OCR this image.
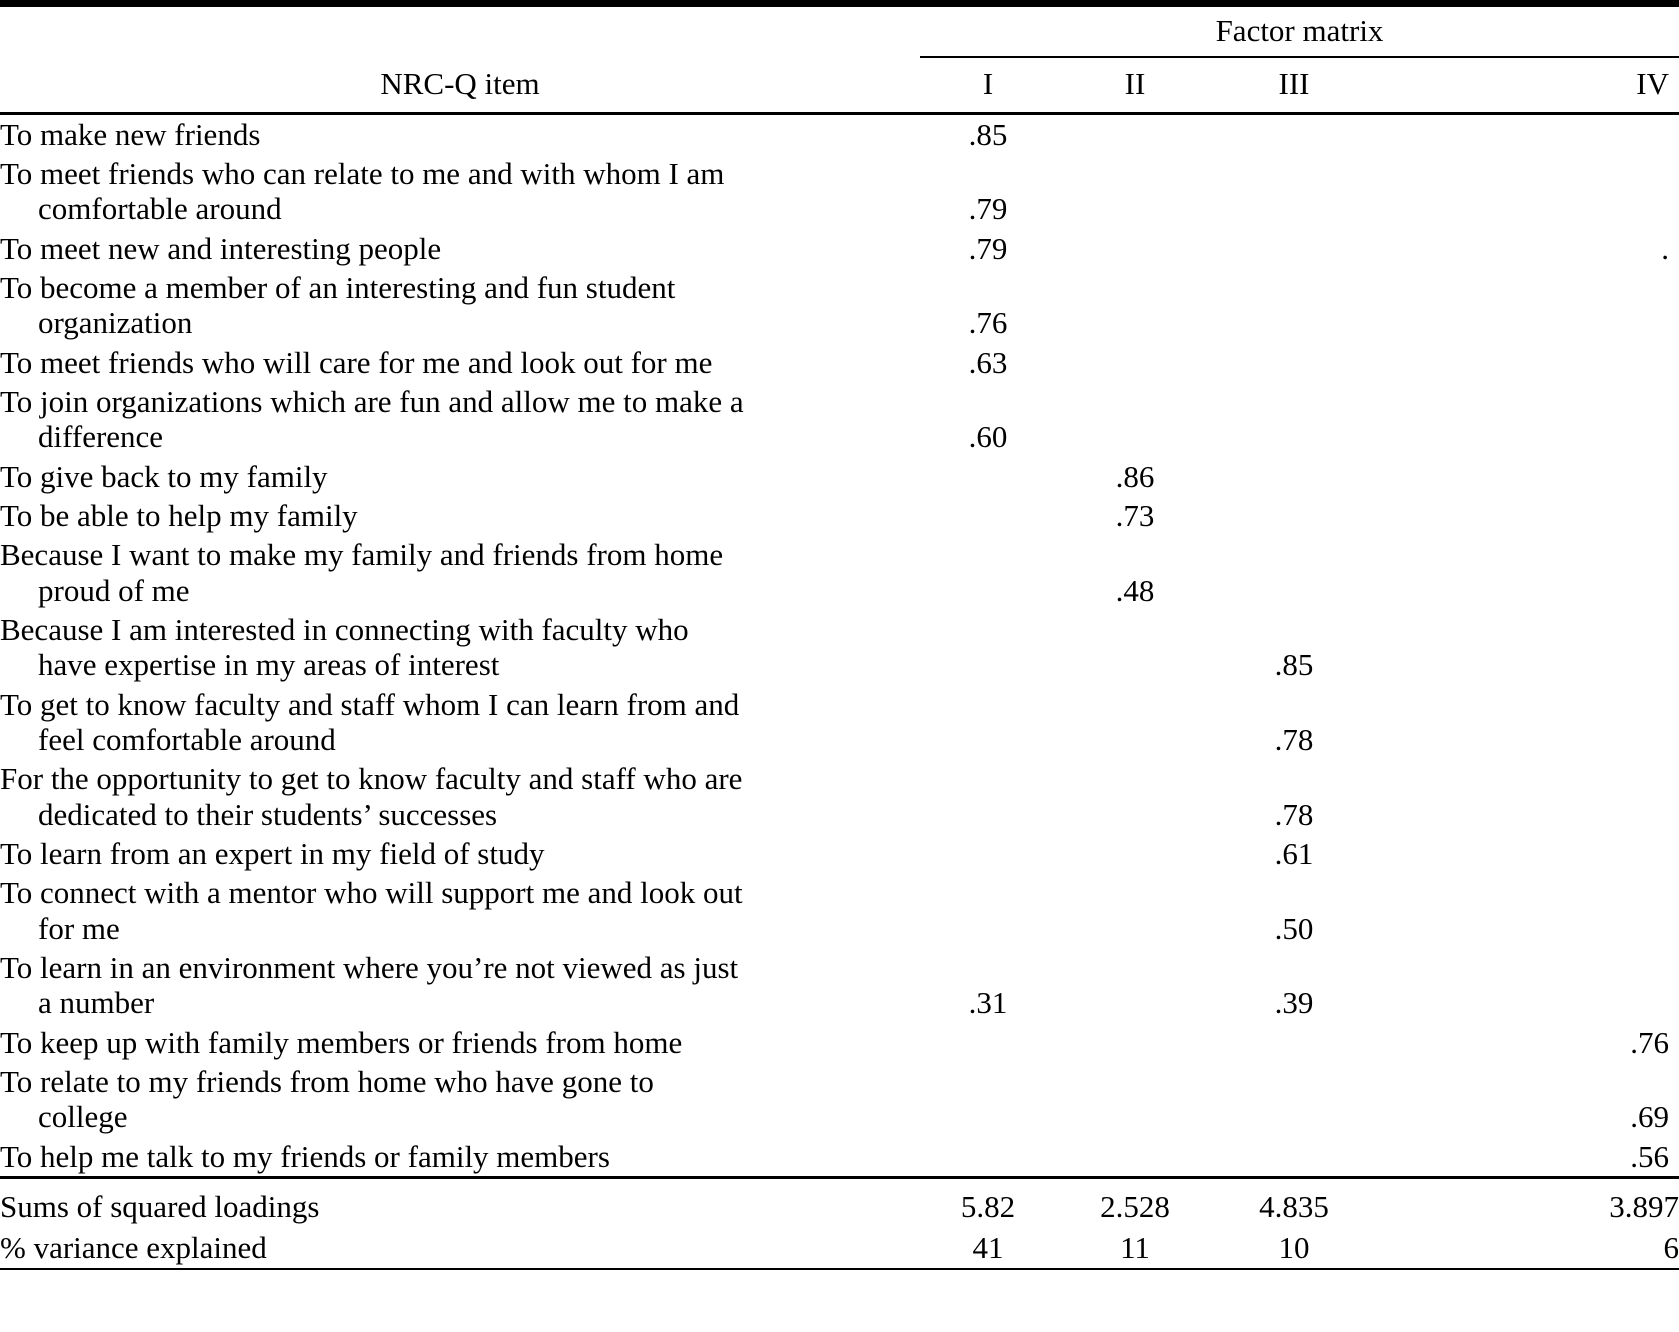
	Factor matrix			

NRC-Q item	I	II	III	IV

To make new friends	.85			

To meet friends who can relate to me and with whom I am
comfortable around	.79			

To meet new and interesting people	.79			.

To become a member of an interesting and fun student
organization	.76			

To meet friends who will care for me and look out for me	.63			

To join organizations which are fun and allow me to make a
difference	.60			

To give back to my family		.86		

To be able to help my family		.73		

Because I want to make my family and friends from home
proud of me		.48		

Because I am interested in connecting with faculty who
have expertise in my areas of interest			.85	

To get to know faculty and staff whom I can learn from and
feel comfortable around			.78	

For the opportunity to get to know faculty and staff who are
dedicated to their students’ successes			.78	

To learn from an expert in my field of study			.61	

To connect with a mentor who will support me and look out
for me			.50	

To learn in an environment where you’re not viewed as just
a number	.31		.39	

To keep up with family members or friends from home				.76

To relate to my friends from home who have gone to
college				.69

To help me talk to my friends or family members				.56

Sums of squared loadings	5.82	2.528	4.835	3.897
% variance explained	41	11	10	6
